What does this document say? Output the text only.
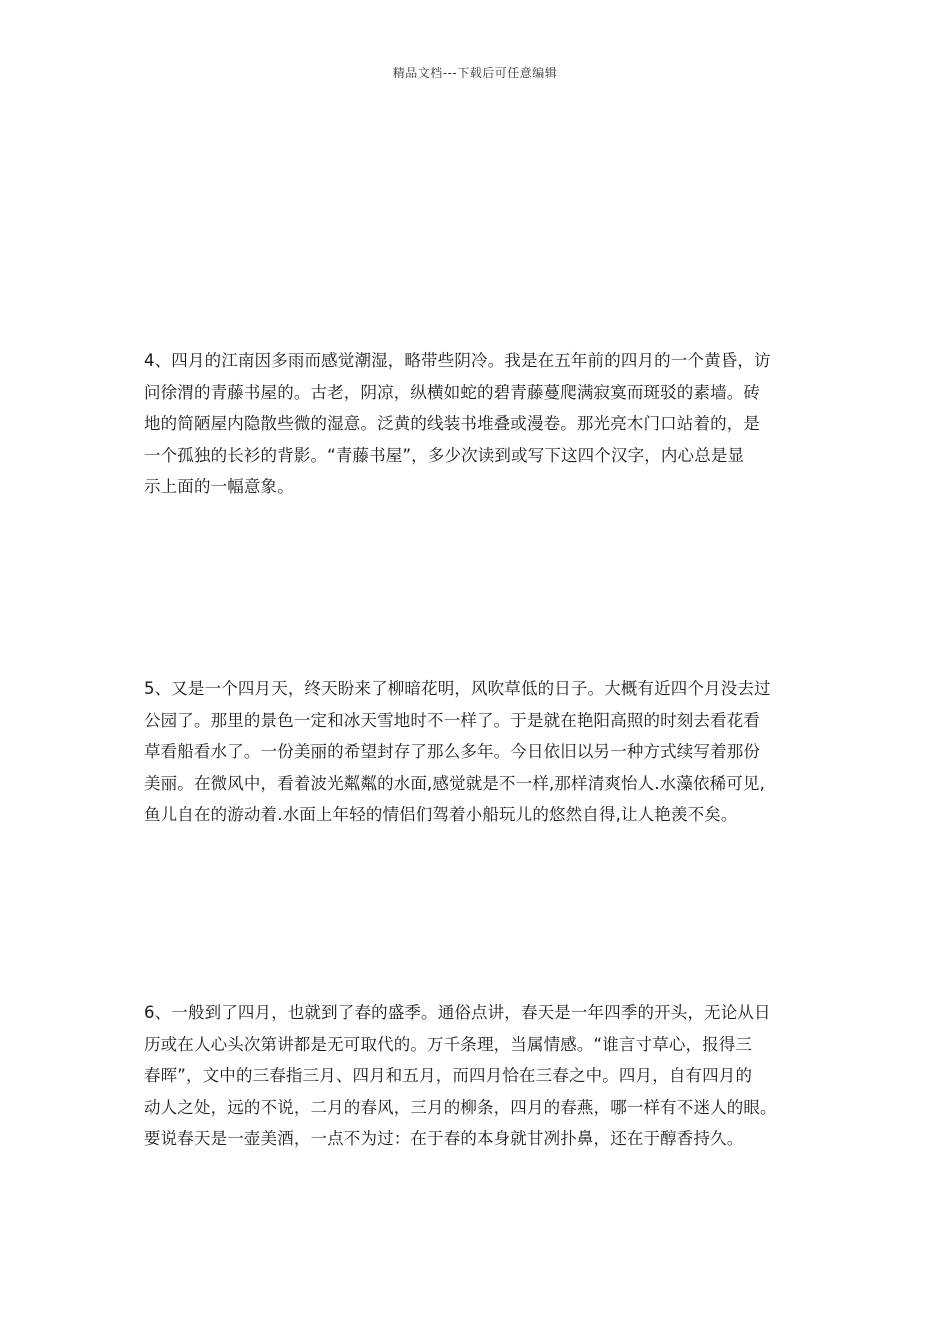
精品文档---下载后可任意编辑
4、四月的江南因多雨而感觉潮湿，略带些阴冷。我是在五年前的四月的一个黄昏，访
问徐渭的青藤书屋的。古老，阴凉，纵横如蛇的碧青藤蔓爬满寂寞而斑驳的素墙。砖
地的简陋屋内隐散些微的湿意。泛黄的线装书堆叠或漫卷。那光亮木门口站着的，是
一个孤独的长衫的背影。“青藤书屋”，多少次读到或写下这四个汉字，内心总是显
示上面的一幅意象。
5、又是一个四月天，终天盼来了柳暗花明，风吹草低的日子。大概有近四个月没去过
公园了。那里的景色一定和冰天雪地时不一样了。于是就在艳阳高照的时刻去看花看
草看船看水了。一份美丽的希望封存了那么多年。今日依旧以另一种方式续写着那份
美丽。在微风中，看着波光粼粼的水面,感觉就是不一样,那样清爽怡人.水藻依稀可见,
鱼儿自在的游动着.水面上年轻的情侣们驾着小船玩儿的悠然自得,让人艳羡不矣。
6、一般到了四月，也就到了春的盛季。通俗点讲，春天是一年四季的开头，无论从日
历或在人心头次第讲都是无可取代的。万千条理，当属情感。“谁言寸草心，报得三
春晖”，文中的三春指三月、四月和五月，而四月恰在三春之中。四月，自有四月的
动人之处，远的不说，二月的春风，三月的柳条，四月的春燕，哪一样有不迷人的眼。
要说春天是一壶美酒，一点不为过：在于春的本身就甘冽扑鼻，还在于醇香持久。
